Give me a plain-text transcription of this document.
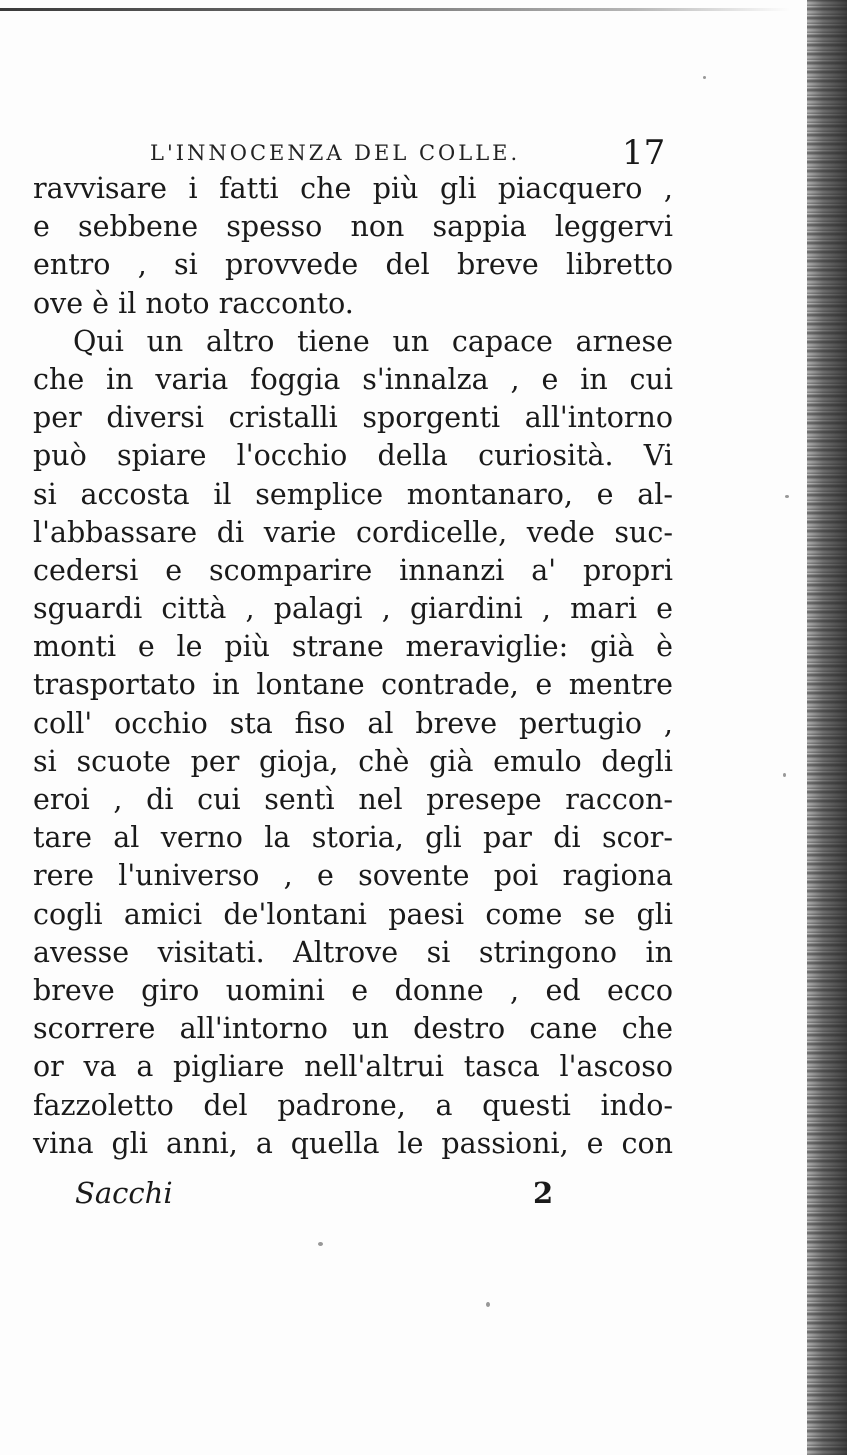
L'INNOCENZA DEL COLLE.	17
ravvisare i fatti che più gli piacquero ,
e sebbene spesso non sappia leggervi
entro , si provvede del breve libretto
ove è il noto racconto.
Qui un altro tiene un capace arnese
che in varia foggia s'innalza , e in cui
per diversi cristalli sporgenti all'intorno
può spiare l'occhio della curiosità. Vi
si accosta il semplice montanaro, e al-
l'abbassare di varie cordicelle, vede suc-
cedersi e scomparire innanzi a' propri
sguardi città , palagi , giardini , mari e
monti e le più strane meraviglie: già è
trasportato in lontane contrade, e mentre
coll' occhio sta fiso al breve pertugio ,
si scuote per gioja, chè già emulo degli
eroi , di cui sentì nel presepe raccon-
tare al verno la storia, gli par di scor-
rere l'universo , e sovente poi ragiona
cogli amici de'lontani paesi come se gli
avesse visitati. Altrove si stringono in
breve giro uomini e donne , ed ecco
scorrere all'intorno un destro cane che
or va a pigliare nell'altrui tasca l'ascoso
fazzoletto del padrone, a questi indo-
vina gli anni, a quella le passioni, e con
Sacchi	2
